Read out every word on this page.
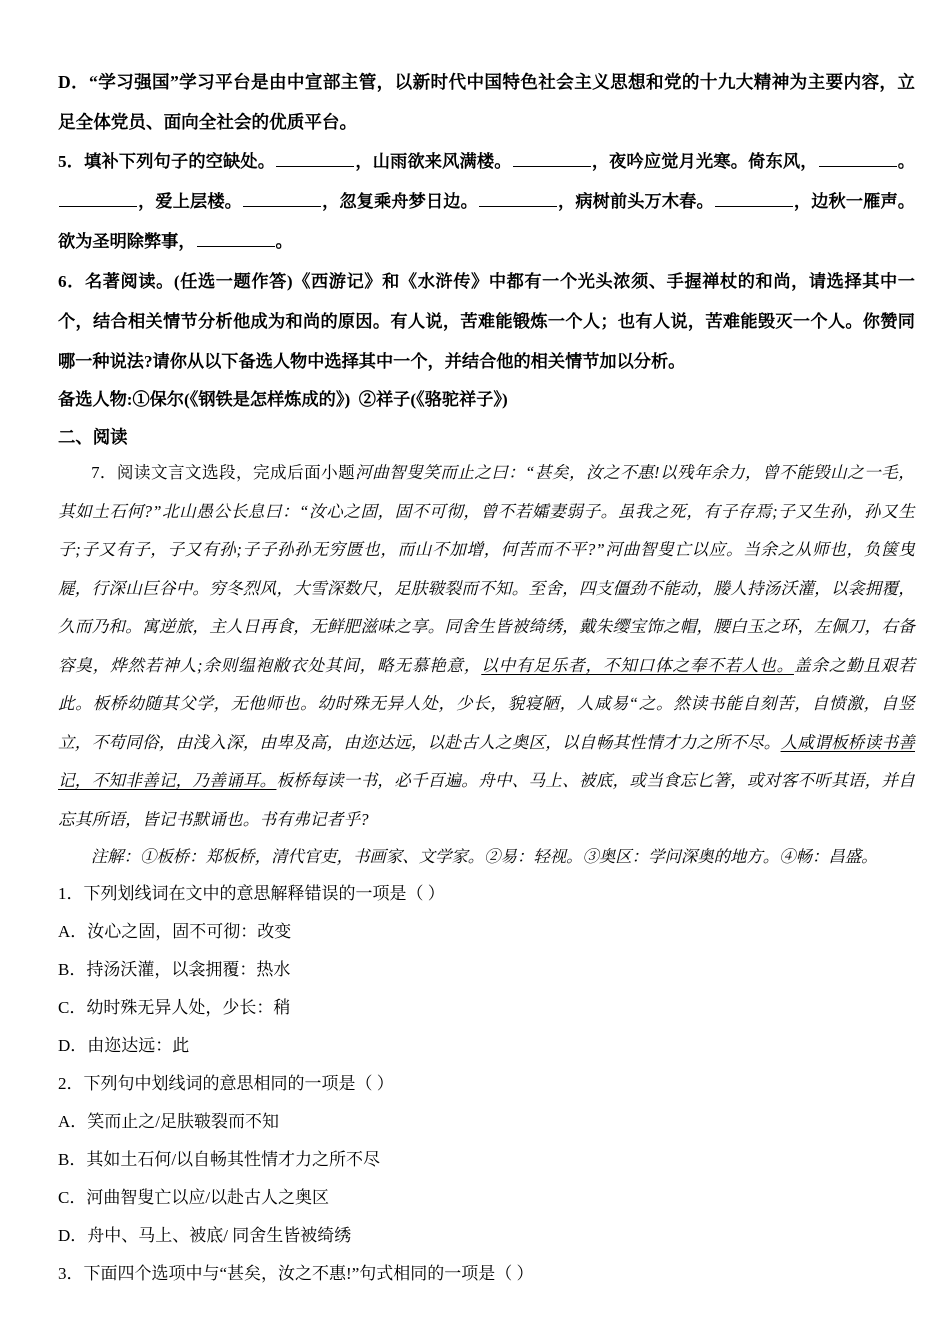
D．“学习强国”学习平台是由中宣部主管，以新时代中国特色社会主义思想和党的十九大精神为主要内容，立足全体党员、面向全社会的优质平台。

5．填补下列句子的空缺处。	，山雨欲来风满楼。	，夜吟应觉月光寒。倚东风，	。，爱上层楼。	，忽复乘舟梦日边。	，病树前头万木春。	，边秋一雁声。欲为圣明除弊事，	。

6．名著阅读。(任选一题作答)《西游记》和《水浒传》中都有一个光头浓须、手握禅杖的和尚，请选择其中一个，结合相关情节分析他成为和尚的原因。有人说，苦难能锻炼一个人；也有人说，苦难能毁灭一个人。你赞同哪一种说法?请你从以下备选人物中选择其中一个，并结合他的相关情节加以分析。

备选人物:①保尔(《钢铁是怎样炼成的》) ②祥子(《骆驼祥子》)

二、阅读

7．阅读文言文选段，完成后面小题河曲智叟笑而止之曰：“甚矣，汝之不惠!以残年余力，曾不能毁山之一毛，其如土石何?”北山愚公长息曰：“汝心之固，固不可彻，曾不若孀妻弱子。虽我之死，有子存焉;子又生孙，孙又生子;子又有子，子又有孙;子子孙孙无穷匮也，而山不加增，何苦而不平?”河曲智叟亡以应。当余之从师也，负箧曳屣，行深山巨谷中。穷冬烈风，大雪深数尺，足肤皲裂而不知。至舍，四支僵劲不能动，媵人持汤沃灌，以衾拥覆，久而乃和。寓逆旅，主人日再食，无鲜肥滋味之享。同舍生皆被绮绣，戴朱缨宝饰之帽，腰白玉之环，左佩刀，右备容臭，烨然若神人;余则缊袍敝衣处其间，略无慕艳意，以中有足乐者，不知口体之奉不若人也。盖余之勤且艰若此。板桥幼随其父学，无他师也。幼时殊无异人处，少长，貌寝陋，人咸易“之。然读书能自刻苦，自愤激，自竖立，不苟同俗，由浅入深，由卑及高，由迩达远，以赴古人之奥区，以自畅其性情才力之所不尽。人咸谓板桥读书善记，不知非善记，乃善诵耳。板桥每读一书，必千百遍。舟中、马上、被底，或当食忘匕箸，或对客不听其语，并自忘其所语，皆记书默诵也。书有弗记者乎?

注解：①板桥：郑板桥，清代官吏，书画家、文学家。②易：轻视。③奥区：学问深奥的地方。④畅：昌盛。

1．下列划线词在文中的意思解释错误的一项是（ ）

A．汝心之固，固不可彻：改变

B．持汤沃灌，以衾拥覆：热水

C．幼时殊无异人处，少长：稍

D．由迩达远：此

2．下列句中划线词的意思相同的一项是（ ）

A．笑而止之/足肤皲裂而不知

B．其如土石何/以自畅其性情才力之所不尽

C．河曲智叟亡以应/以赴古人之奥区

D．舟中、马上、被底/ 同舍生皆被绮绣

3．下面四个选项中与“甚矣，汝之不惠!”句式相同的一项是（ ）
